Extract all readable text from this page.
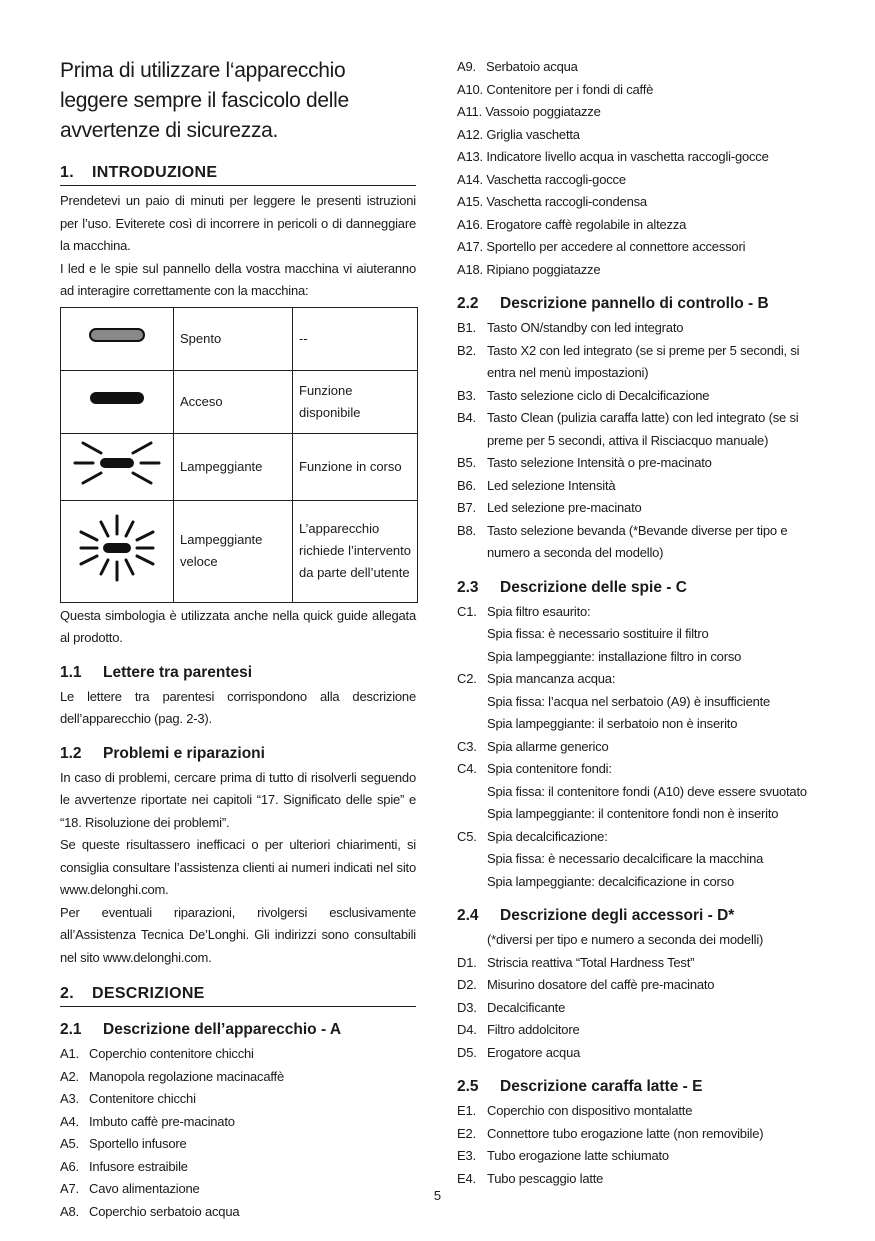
Prima di utilizzare l‘apparecchio leggere sempre il fascicolo delle avvertenze di sicurezza.

1.	INTRODUZIONE

Prendetevi un paio di minuti per leggere le presenti istruzioni per l’uso. Eviterete così di incorrere in pericoli o di danneggiare la macchina.

I led e le spie sul pannello della vostra macchina vi aiuteranno ad interagire correttamente con la macchina:

	Spento	--
	Acceso	Funzione disponibile
	Lampeggiante	Funzione in corso
	Lampeggiante veloce	L’apparecchio richiede l’intervento da parte dell’utente

Questa simbologia è utilizzata anche nella quick guide allegata al prodotto.

1.1	Lettere tra parentesi

Le lettere tra parentesi corrispondono alla descrizione dell’apparecchio (pag. 2-3).

1.2	Problemi e riparazioni

In caso di problemi, cercare prima di tutto di risolverli seguendo le avvertenze riportate nei capitoli “17. Significato delle spie” e “18. Risoluzione dei problemi”.

Se queste risultassero inefficaci o per ulteriori chiarimenti, si consiglia consultare l’assistenza clienti ai numeri indicati nel sito www.delonghi.com.

Per eventuali riparazioni, rivolgersi esclusivamente all’Assistenza Tecnica De’Longhi. Gli indirizzi sono consultabili nel sito www.delonghi.com.

2.	DESCRIZIONE
2.1	Descrizione dell’apparecchio - A
A1. Coperchio contenitore chicchi
A2. Manopola regolazione macinacaffè
A3. Contenitore chicchi
A4. Imbuto caffè pre-macinato
A5. Sportello infusore
A6. Infusore estraibile
A7. Cavo alimentazione
A8. Coperchio serbatoio acqua
A9. Serbatoio acqua
A10.
Contenitore per i fondi di caffè
A11.
Vassoio poggiatazze
A12.
Griglia vaschetta
A13.
Indicatore livello acqua in vaschetta raccogli-gocce
A14.
Vaschetta raccogli-gocce
A15.
Vaschetta raccogli-condensa
A16.
Erogatore caffè regolabile in altezza
A17.
Sportello per accedere al connettore accessori
A18.
Ripiano poggiatazze
2.2	Descrizione pannello di controllo - B
B1. Tasto ON/standby con led integrato
B2. Tasto X2 con led integrato (se si preme per 5 secondi, si entra nel menù impostazioni)
B3. Tasto selezione ciclo di Decalcificazione
B4. Tasto Clean (pulizia caraffa latte) con led integrato (se si preme per 5 secondi, attiva il Risciacquo manuale)
B5. Tasto selezione Intensità o pre-macinato
B6. Led selezione Intensità
B7. Led selezione pre-macinato
B8. Tasto selezione bevanda (*Bevande diverse per tipo e numero a seconda del modello)
2.3	Descrizione delle spie - C
C1. Spia filtro esaurito:
Spia fissa: è necessario sostituire il filtro
Spia lampeggiante: installazione filtro in corso
C2. Spia mancanza acqua:
Spia fissa: l’acqua nel serbatoio (A9) è insufficiente
Spia lampeggiante: il serbatoio non è inserito
C3. Spia allarme generico
C4. Spia contenitore fondi:
Spia fissa: il contenitore fondi (A10) deve essere svuotato
Spia lampeggiante: il contenitore fondi non è inserito
C5. Spia decalcificazione:
Spia fissa: è necessario decalcificare la macchina
Spia lampeggiante: decalcificazione in corso
2.4	Descrizione degli accessori - D*
(*diversi per tipo e numero a seconda dei modelli)
D1. Striscia reattiva “Total Hardness Test”
D2. Misurino dosatore del caffè pre-macinato
D3. Decalcificante
D4. Filtro addolcitore
D5. Erogatore acqua
2.5	Descrizione caraffa latte - E
E1. Coperchio con dispositivo montalatte
E2. Connettore tubo erogazione latte (non removibile)
E3. Tubo erogazione latte schiumato
E4. Tubo pescaggio latte
5
